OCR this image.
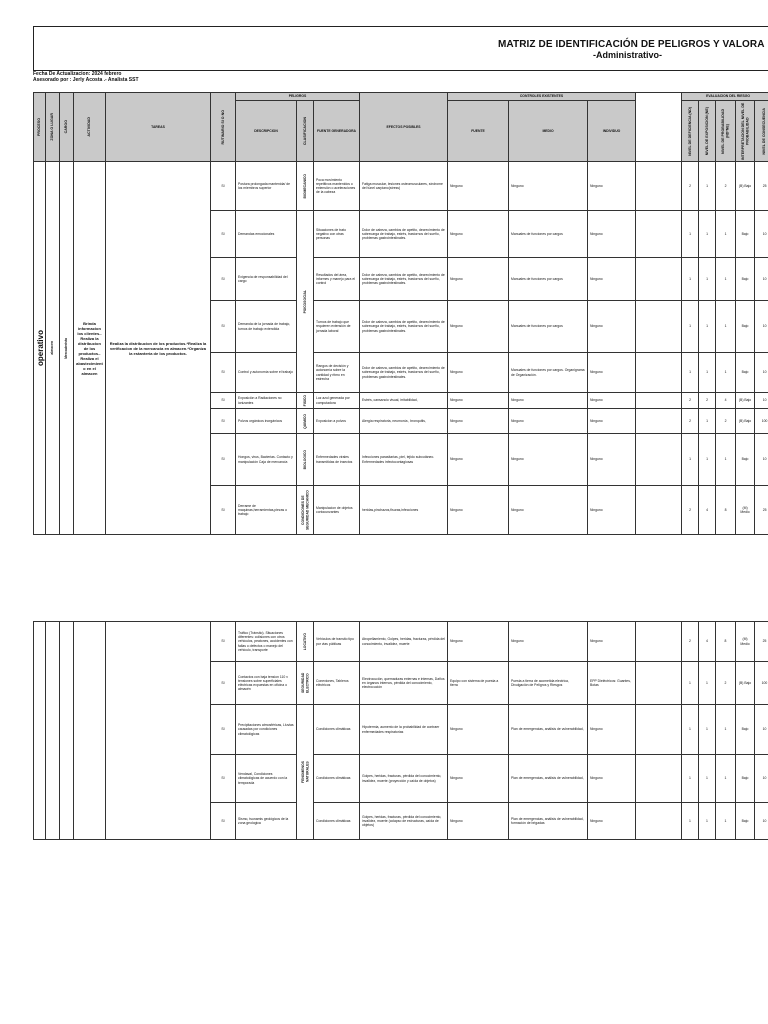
MATRIZ DE IDENTIFICACIÓN DE PELIGROS Y VALORA
-Administrativo-
Fecha De Actualizacion: 2024 febrero
Asesorado por : Jerly Acosta .- Analista SST
PROCESO	ZONA O LUGAR	CARGO	ACTIVIDAD	TAREAS	RUTINARIO SI O NO	PELIGROS			EFECTOS POSIBLES	CONTROLES EXISTENTES				EVALUACION DEL RIESGO					
						DESCRIPCION	CLASIFICACION	FUENTE GENERADORA		FUENTE	MEDIO	INDIVIDUO		NIVEL DE DEFICIENCIA (ND)	NIVEL DE EXPOSICION (NE)	NIVEL DE PROBABILIDAD (ND*NE)	INTERPRETACION DEL NIVEL DE PROBABILIDAD	NIVEL DE CONSECUENCIA	

operativo	almacen	Mercaderista	Brinda informacion los clientes.-Realiza la distribucion de los productos.-Realiza el abastecimiento en el almacen	Realiza la distribucion de los productos.*Realiza la verificacion de la mercancia en almacen.*Organiza la estanteria de los productos.	SI	Postura prolongada mantenida/ de los miembros superior	BIOMECANICO	Poca movimiento repetitivos mantenidos o extensión o aceleraciones de la cabeza	Fatiga muscular, lesiones osteomusculares, síndrome del túnel carpiano(stress)	Ninguno	Ninguno	Ninguno		2	1	2	(B) Bajo	25	
					SI	Demandas emocionales	PSICOSOCIAL	Situaciones de trato negativo con otras personas	Dolor de cabeza, cambios de apetito, decrecimiento de sobrecarga de trabajo, estrés, trastornos del sueño, problemas gastrointestinales.	Ninguno	Manuales de funciones por cargos	Ninguno		1	1	1	Bajo	10	
					SI	Exigencia de responsabilidad del cargo		Resultados del área, informes y manejo para el control	Dolor de cabeza, cambios de apetito, decrecimiento de sobrecarga de trabajo, estrés, trastornos del sueño, problemas gastrointestinales.	Ninguno	Manuales de funciones por cargos	Ninguno		1	1	1	Bajo	10	
					SI	Demanda de la jornada de trabajo, turnos de trabajo extendida		Turnos de trabajo que requieren extensión de jornada laboral	Dolor de cabeza, cambios de apetito, decrecimiento de sobrecarga de trabajo, estrés, trastornos del sueño, problemas gastrointestinales.	Ninguno	Manuales de funciones por cargos	Ninguno		1	1	1	Bajo	10	
					SI	Control y autonomía sobre el trabajo		Rangos de decisión y autonomía sobre la cantidad y ritmo en estrecha	Dolor de cabeza, cambios de apetito, decrecimiento de sobrecarga de trabajo, estrés, trastornos del sueño, problemas gastrointestinales.	Ninguno	Manuales de funciones por cargos. Organigrama de Organización.	Ninguno		1	1	1	Bajo	10	
					SI	Exposición a Radiaciones no ionizantes	FISICO	Luz azul generada por computadora	Estrés, cansancio visual, irritabilidad,	Ninguno	Ninguno	Ninguno		2	2	4	(B) Bajo	10	
					SI	Polvos orgánicos inorgánicos	QUIMICO	Exposicion a polvos	Alergia respiratoria, neumonía , bronquitis,	Ninguno	Ninguno	Ninguno		2	1	2	(B) Bajo	100	
					SI	Hongos, virus, Bacterias. Contacto y manipulación Caja de mercancía	BIOLOGICO	Enfermedades virales transmitidas de insectos	Infecciones parasitarias, piel, tejido subcutáneo. Enfermedades infectocontagiosas	Ninguno	Ninguno	Ninguno		1	1	1	Bajo	10	
					SI	Derrame de maquinas,herramientas,piezas o trabajo	CONDICIONES DE SEGURIDAD MECANICO	Manipulacion de objetos cortocunzantes	heridas,pinchazos,fisuras,infecciones	Ninguno	Ninguno	Ninguno		2	4	8	(M) Medio	25	
					SI	Tráfico (Tránsito). Situaciones diferentes: colisiones con otros vehículos, peatones, accidentes con fallas o defectos o manejo del vehículo, transporte	LOCATIVO	Vehículos de transito tipo por vias públicas	Atropellamiento, Golpes, heridas, fracturas, pérdida del conocimiento, invalidez, muerte	Ninguno	Ninguno	Ninguno		2	4	8	(M) Medio	25
					SI	Contactos con baja tension 110 v tensiones sobre superficiales eléctricas expuestas en oficina o almacén	SEGURIDAD ELECTRICO	Conexiones, Tableros eléctricos	Electrocución, quemaduras externas e internas, Daños en órganos internos, pérdida del conocimiento, electrocución	Equipo con sistema de puesta a tierra	Puesta a tierra de acometida electrica, Divulgación de Peligros y Riesgos	EPP Dieléctricos: Guantes, Botas		1	1	2	(B) Bajo	100
					SI	Precipitaciones atmosféricas, Lluvias causadas por condiciones climatológicas	FENOMENOS NATURALES	Condiciones climáticas	Hipotermia, aumento de la probabilidad de contraer enfermedades respiratorias	Ninguno	Plan de emergencias, análisis de vulnerabilidad,	Ninguno		1	1	1	Bajo	10
					SI	Vendaval, Condiciones climatológicas de acuerdo con la temporada		Condiciones climáticas	Golpes, heridas, fracturas, pérdida del conocimiento, invalidez, muerte (proyección y caída de objetos)	Ninguno	Plan de emergencias, análisis de vulnerabilidad,	Ninguno		1	1	1	Bajo	10
					SI	Sismo, tsunamis geológicos de la zona geologica		Condiciones climáticas	Golpes, heridas, fracturas, pérdida del conocimiento, invalidez, muerte (colapso de estructuras, caída de objetos)	Ninguno	Plan de emergencias, análisis de vulnerabilidad, formación de brigadas	Ninguno		1	1	1	Bajo	10
